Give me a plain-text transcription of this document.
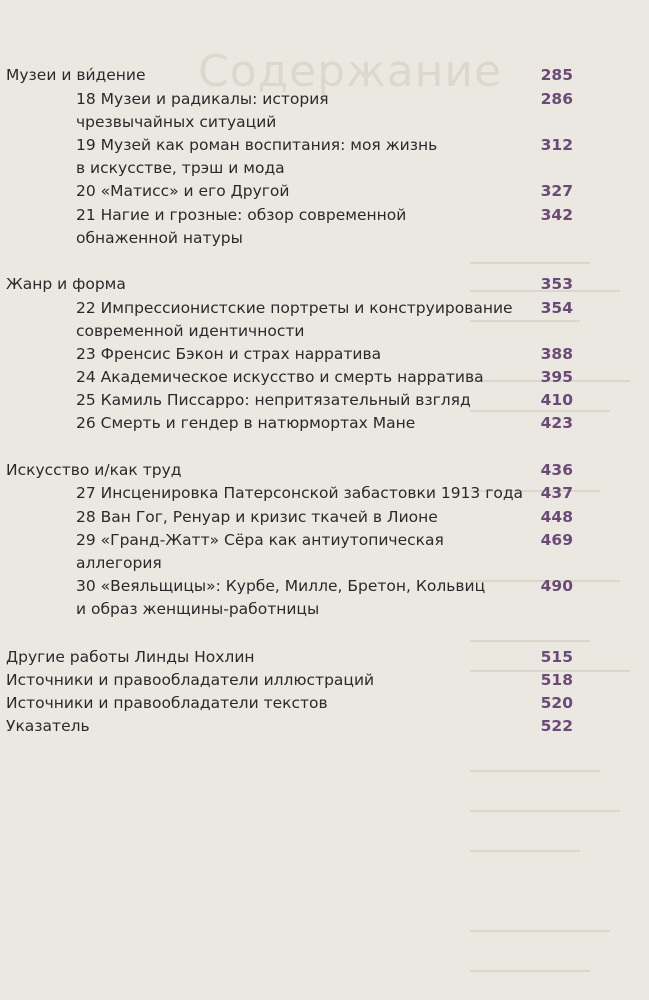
Содержание
Музеи и ви́дение	285
18 Музеи и радикалы: история	286
чрезвычайных ситуаций
19 Музей как роман воспитания: моя жизнь	312
в искусстве, трэш и мода
20 «Матисс» и его Другой	327
21 Нагие и грозные: обзор современной	342
обнаженной натуры
Жанр и форма	353
22 Импрессионистские портреты и конструирование 354
современной идентичности
23 Френсис Бэкон и страх нарратива	388
24 Академическое искусство и смерть нарратива	395
25 Камиль Писсарро: непритязательный взгляд	410
26 Смерть и гендер в натюрмортах Мане	423
Искусство и/как труд	436
27 Инсценировка Патерсонской забастовки 1913 года 437
28 Ван Гог, Ренуар и кризис ткачей в Лионе	448
29 «Гранд-Жатт» Сёра как антиутопическая	469
аллегория
30 «Веяльщицы»: Курбе, Милле, Бретон, Кольвиц	490
и образ женщины-работницы
Другие работы Линды Нохлин	515
Источники и правообладатели иллюстраций	518
Источники и правообладатели текстов	520
Указатель	522
